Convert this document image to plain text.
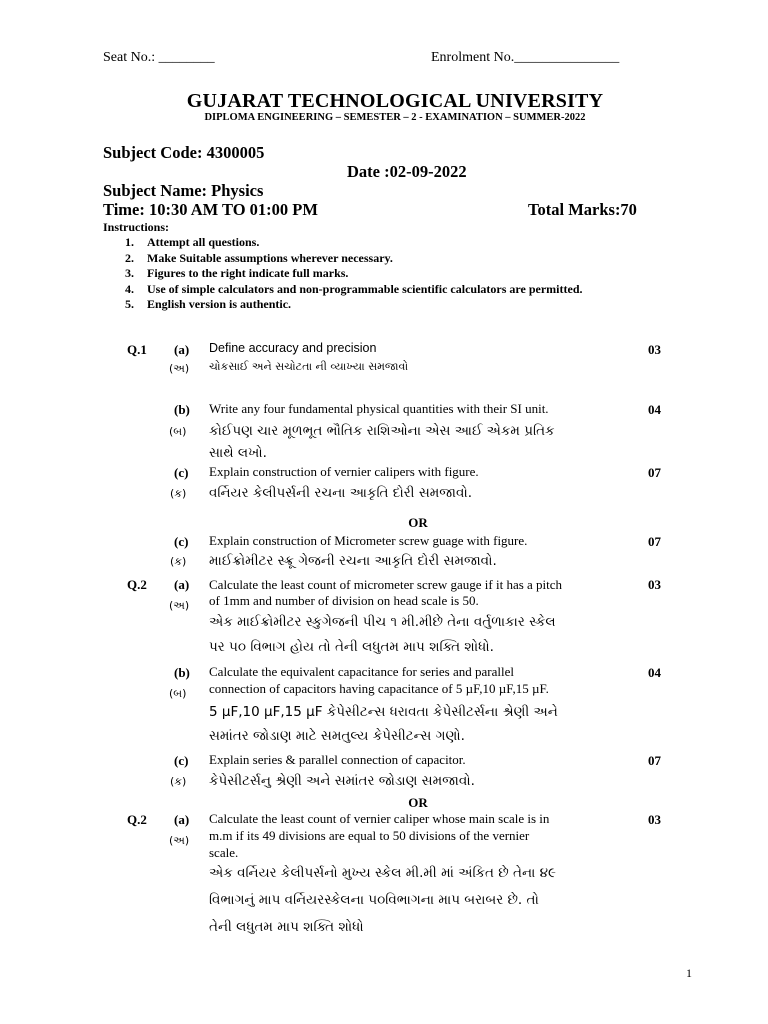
Seat No.: ________	Enrolment No._______________
GUJARAT TECHNOLOGICAL UNIVERSITY
DIPLOMA ENGINEERING – SEMESTER – 2 - EXAMINATION – SUMMER-2022
Subject Code: 4300005
Date :02-09-2022
Subject Name: Physics
Time: 10:30 AM TO 01:00 PM	Total Marks:70
Instructions:
1. Attempt all questions.
2. Make Suitable assumptions wherever necessary.
3. Figures to the right indicate full marks.
4. Use of simple calculators and non-programmable scientific calculators are permitted.
5. English version is authentic.
Q.1 (a)
(અ)
Define accuracy and precision
ચોકસાઈ અને સચોટતા ની વ્યાખ્યા સમજાવો
03
(b)
(બ)
Write any four fundamental physical quantities with their SI unit.
કોઈપણ ચાર મૂળભૂત ભૌતિક રાશિઓના એસ આઈ એકમ પ્રતિક
સાથે લખો.
04
(c)
(ક)
Explain construction of vernier calipers with figure.
વર્નિયર કેલીપર્સની રચના આકૃતિ દોરી સમજાવો.
07
OR
(c)
(ક)
Explain construction of Micrometer screw guage with figure.
માઈક્રોમીટર સ્ક્રૂ ગેજની રચના આકૃતિ દોરી સમજાવો.
07
Q.2 (a)
(અ)
Calculate the least count of micrometer screw gauge if it has a pitch
of 1mm and number of division on head scale is 50.
એક માઈક્રોમીટર સ્કુગેજની પીચ ૧ મી.મીછે તેના વર્તુળાકાર સ્કેલ
પર ૫૦ વિભાગ હોય તો તેની લધુતમ માપ શક્તિ શોધો.
03
(b)
(બ)
Calculate the equivalent capacitance for series and parallel
connection of capacitors having capacitance of 5 µF,10 µF,15 µF.
5 µF,10 µF,15 µF કેપેસીટન્સ ધરાવતા કેપેસીટર્સના શ્રેણી અને
સમાંતર જોડાણ માટે સમતુલ્ય કેપેસીટન્સ ગણો.
04
(c)
(ક)
Explain series & parallel connection of capacitor.
કેપેસીટર્સનુ શ્રેણી અને સમાંતર જોડાણ સમજાવો.
07
OR
Q.2 (a)
(અ)
Calculate the least count of vernier caliper whose main scale is in
m.m if its 49 divisions are equal to 50 divisions of the vernier
scale.
એક વર્નિયર કેલીપર્સનો મુખ્ય સ્કેલ મી.મી માં અંકિત છે તેના ૪૯
વિભાગનું માપ વર્નિયરસ્કેલના ૫૦વિભાગના માપ બરાબર છે. તો
તેની લધુતમ માપ શક્તિ શોધો
03
1
